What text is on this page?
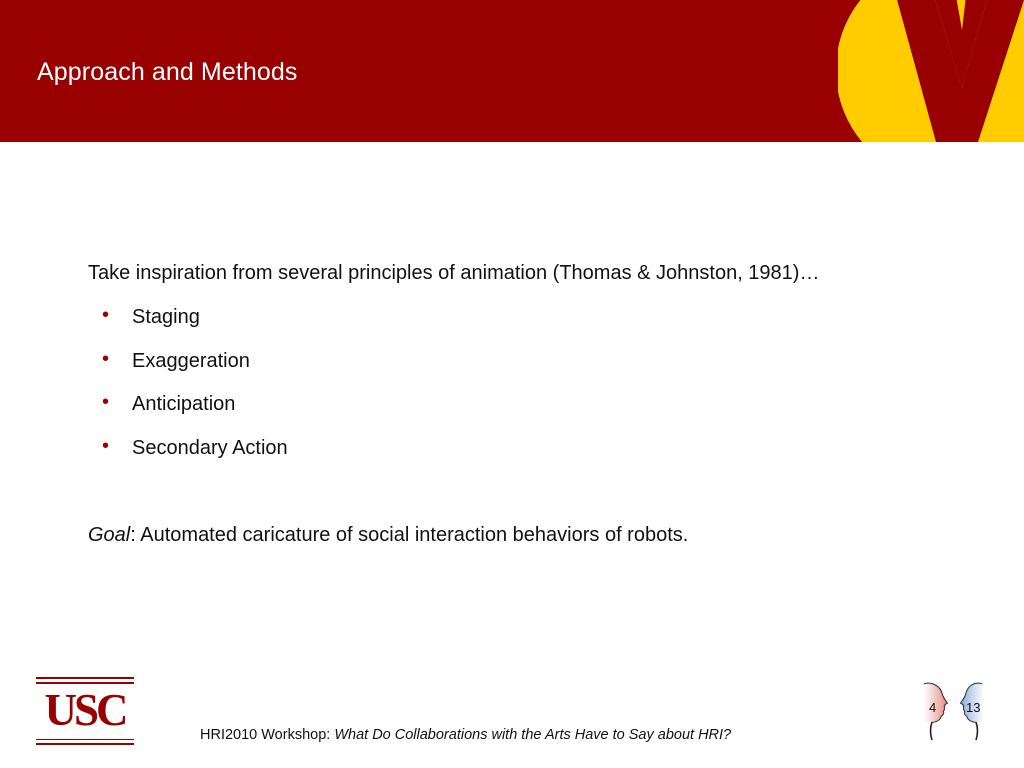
Approach and Methods
Take inspiration from several principles of animation (Thomas & Johnston, 1981)…
• Staging
• Exaggeration
• Anticipation
• Secondary Action
Goal: Automated caricature of social interaction behaviors of robots.
USC	HRI2010 Workshop: What Do Collaborations with the Arts Have to Say about HRI?
4 13
